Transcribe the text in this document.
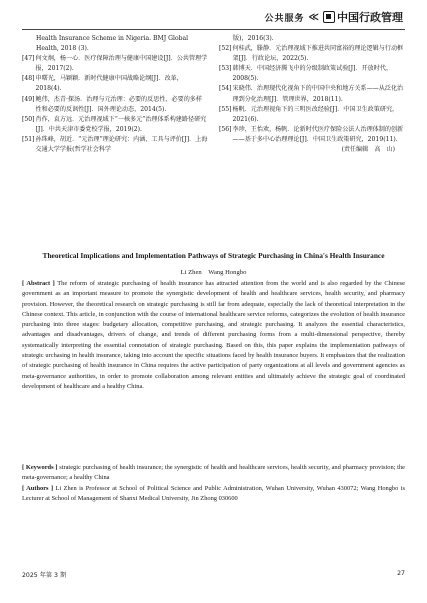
公共服务 ≪ 中国行政管理
Health Insurance Scheme in Nigeria. BMJ Global Health, 2018 (3).
[47] 何文炯，杨一心．医疗保障治理与健康中国建设[J]．公共管理学报，2017(2).
[48] 申曙光，马颖颖．新时代健康中国战略论纲[J]．改革，2018(4).
[49] 鲍伟，杰青·探汤．治理与元治理：必要的反思性、必要的多样性和必要的反讽性[J]．国外理论动态，2014(5).
[50] 肖作，袁方远．元治理视域下“一核多元”治理体系构建路径研究[J]．中共天津市委党校学报，2019(2).
[51] 孙珠峰，胡近．“元治理”理论研究：内涵、工具与评价[J]．上海交通大学学报(哲学社会科学
版)，2016(3).
[52] 何桂武，滕静．元治理视域下推进共同富裕的理论逻辑与行动框架[J]．行政论坛，2022(5).
[53] 韩博天．中国经济腾飞中的分级制政策试验[J]．开放时代，2008(5).
[54] 宋晓伟．治理现代化视角下的中国中央和地方关系——从泛化治理到分化治理[J]．管理世界，2018(11).
[55] 杨帆．元治理视角下的三明医改经验[J]．中国卫生政策研究，2021(6).
[56] 李珍，王怡欢，杨帆．论新时代医疗保险公法人治理体制的创新——基于多中心治理理论[J]．中国卫生政策研究，2019(11).
(责任编辑　高　山)
Theoretical Implications and Implementation Pathways of Strategic Purchasing in China's Health Insurance
Li Zhen　Wang Hongbo
[ Abstract ] The reform of strategic purchasing of health insurance has attracted attention from the world and is also regarded by the Chinese government as an important measure to promote the synergistic development of health and healthcare services, health security, and pharmacy provision. However, the theoretical research on strategic purchasing is still far from adequate, especially the lack of theoretical interpretation in the Chinese context. This article, in conjunction with the course of international healthcare service reforms, categorizes the evolution of health insurance purchasing into three stages: budgetary allocation, competitive purchasing, and strategic purchasing. It analyzes the essential characteristics, advantages and disadvantages, drivers of change, and trends of different purchasing forms from a multi-dimensional perspective, thereby systematically interpreting the essential connotation of strategic purchasing. Based on this, this paper explains the implementation pathways of strategic urchasing in health insurance, taking into account the specific situations faced by health insurance buyers. It emphasizes that the realization of strategic purchasing of health insurance in China requires the active participation of party organizations at all levels and government agencies as meta-governance authorities, in order to promote collaboration among relevant entities and ultimately achieve the strategic goal of coordinated development of healthcare and a healthy China.
[ Keywords ] strategic purchasing of health insurance; the synergistic of health and healthcare services, health security, and pharmacy provision; the meta-governance; a healthy China
[ Authors ] Li Zhen is Professor at School of Political Science and Public Administration, Wuhan University, Wuhan 430072; Wang Hongbo is Lecturer at School of Management of Shanxi Medical University, Jin Zhong 030600
2025 年第 3 期	27
